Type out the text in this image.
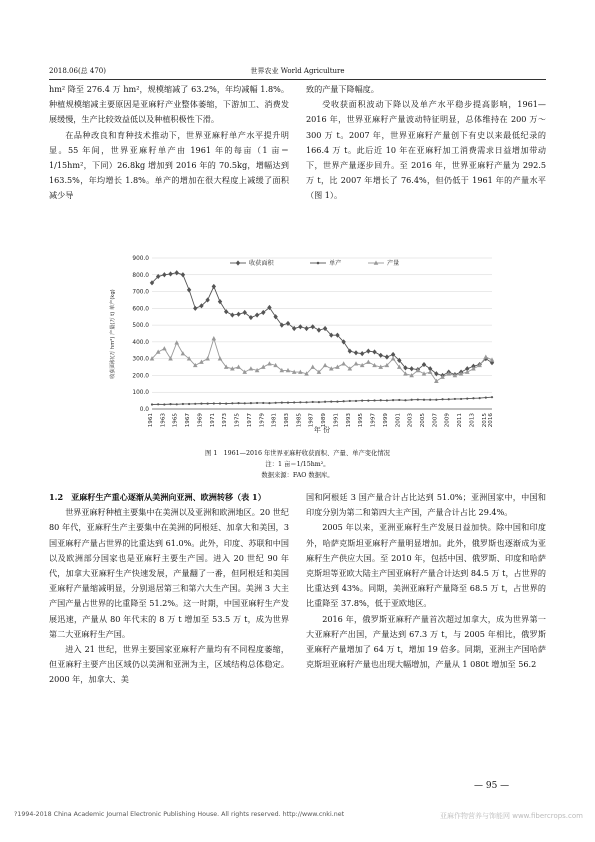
2018.06(总 470)	世界农业 World Agriculture

hm² 降至 276.4 万 hm²，规模缩减了 63.2%，年均减幅 1.8%。种植规模缩减主要原因是亚麻籽产业整体萎缩，下游加工、消费发展缓慢，生产比较效益低以及种植积极性下滑。

在品种改良和育种技术推动下，世界亚麻籽单产水平提升明显。55 年间，世界亚麻籽单产由 1961 年的每亩（1 亩＝1/15hm²，下同）26.8kg 增加到 2016 年的 70.5kg，增幅达到 163.5%，年均增长 1.8%。单产的增加在很大程度上减缓了面积减少导

致的产量下降幅度。

受收获面积波动下降以及单产水平稳步提高影响，1961—2016 年，世界亚麻籽产量波动特征明显，总体维持在 200 万～300 万 t。2007 年，世界亚麻籽产量创下有史以来最低纪录的 166.4 万 t。此后近 10 年在亚麻籽加工消费需求日益增加带动下，世界产量逐步回升。至 2016 年，世界亚麻籽产量为 292.5 万 t，比 2007 年增长了 76.4%，但仍低于 1961 年的产量水平（图 1）。

0.0
100.0
200.0
300.0
400.0
500.0
600.0
700.0
800.0
900.0
1961 1963 1965 1967 1969 1971 1973 1975 1977 1979 1981 1983 1985 1987 1989 1991 1993 1995 1997 1999 2001 2003 2005 2007 2009 2011 2013 2015 2016
收获面积	单产	产量
收获面积(万 hm²) 产量(万 t) 单产(kg)
年 份
图 1　1961—2016 年世界亚麻籽收获面积、产量、单产变化情况
注：1 亩＝1/15hm²。
数据来源：FAO 数据库。
1.2　亚麻籽生产重心逐渐从美洲向亚洲、欧洲转移（表 1）

世界亚麻籽种植主要集中在美洲以及亚洲和欧洲地区。20 世纪 80 年代，亚麻籽生产主要集中在美洲的阿根廷、加拿大和美国，3 国亚麻籽产量占世界的比重达到 61.0%。此外，印度、苏联和中国以及欧洲部分国家也是亚麻籽主要生产国。进入 20 世纪 90 年代，加拿大亚麻籽生产快速发展，产量翻了一番，但阿根廷和美国亚麻籽产量缩减明显，分别退居第三和第六大生产国。美洲 3 大主产国产量占世界的比重降至 51.2%。这一时期，中国亚麻籽生产发展迅速，产量从 80 年代末的 8 万 t 增加至 53.5 万 t，成为世界第二大亚麻籽生产国。

进入 21 世纪，世界主要国家亚麻籽产量均有不同程度萎缩，但亚麻籽主要产出区域仍以美洲和亚洲为主，区域结构总体稳定。2000 年，加拿大、美

国和阿根廷 3 国产量合计占比达到 51.0%；亚洲国家中，中国和印度分别为第二和第四大主产国，产量合计占比 29.4%。

2005 年以来，亚洲亚麻籽生产发展日益加快。除中国和印度外，哈萨克斯坦亚麻籽产量明显增加。此外，俄罗斯也逐渐成为亚麻籽生产供应大国。至 2010 年，包括中国、俄罗斯、印度和哈萨克斯坦等亚欧大陆主产国亚麻籽产量合计达到 84.5 万 t，占世界的比重达到 43%。同期，美洲亚麻籽产量降至 68.5 万 t，占世界的比重降至 37.8%，低于亚欧地区。

2016 年，俄罗斯亚麻籽产量首次超过加拿大，成为世界第一大亚麻籽产出国，产量达到 67.3 万 t，与 2005 年相比，俄罗斯亚麻籽产量增加了 64 万 t，增加 19 倍多。同期，亚洲主产国哈萨克斯坦亚麻籽产量也出现大幅增加，产量从 1 080t 增加至 56.2

— 95 —
?1994-2018 China Academic Journal Electronic Publishing House. All rights reserved. http://www.cnki.net	亚麻作物营养与饰能网 www.fibercrops.com
